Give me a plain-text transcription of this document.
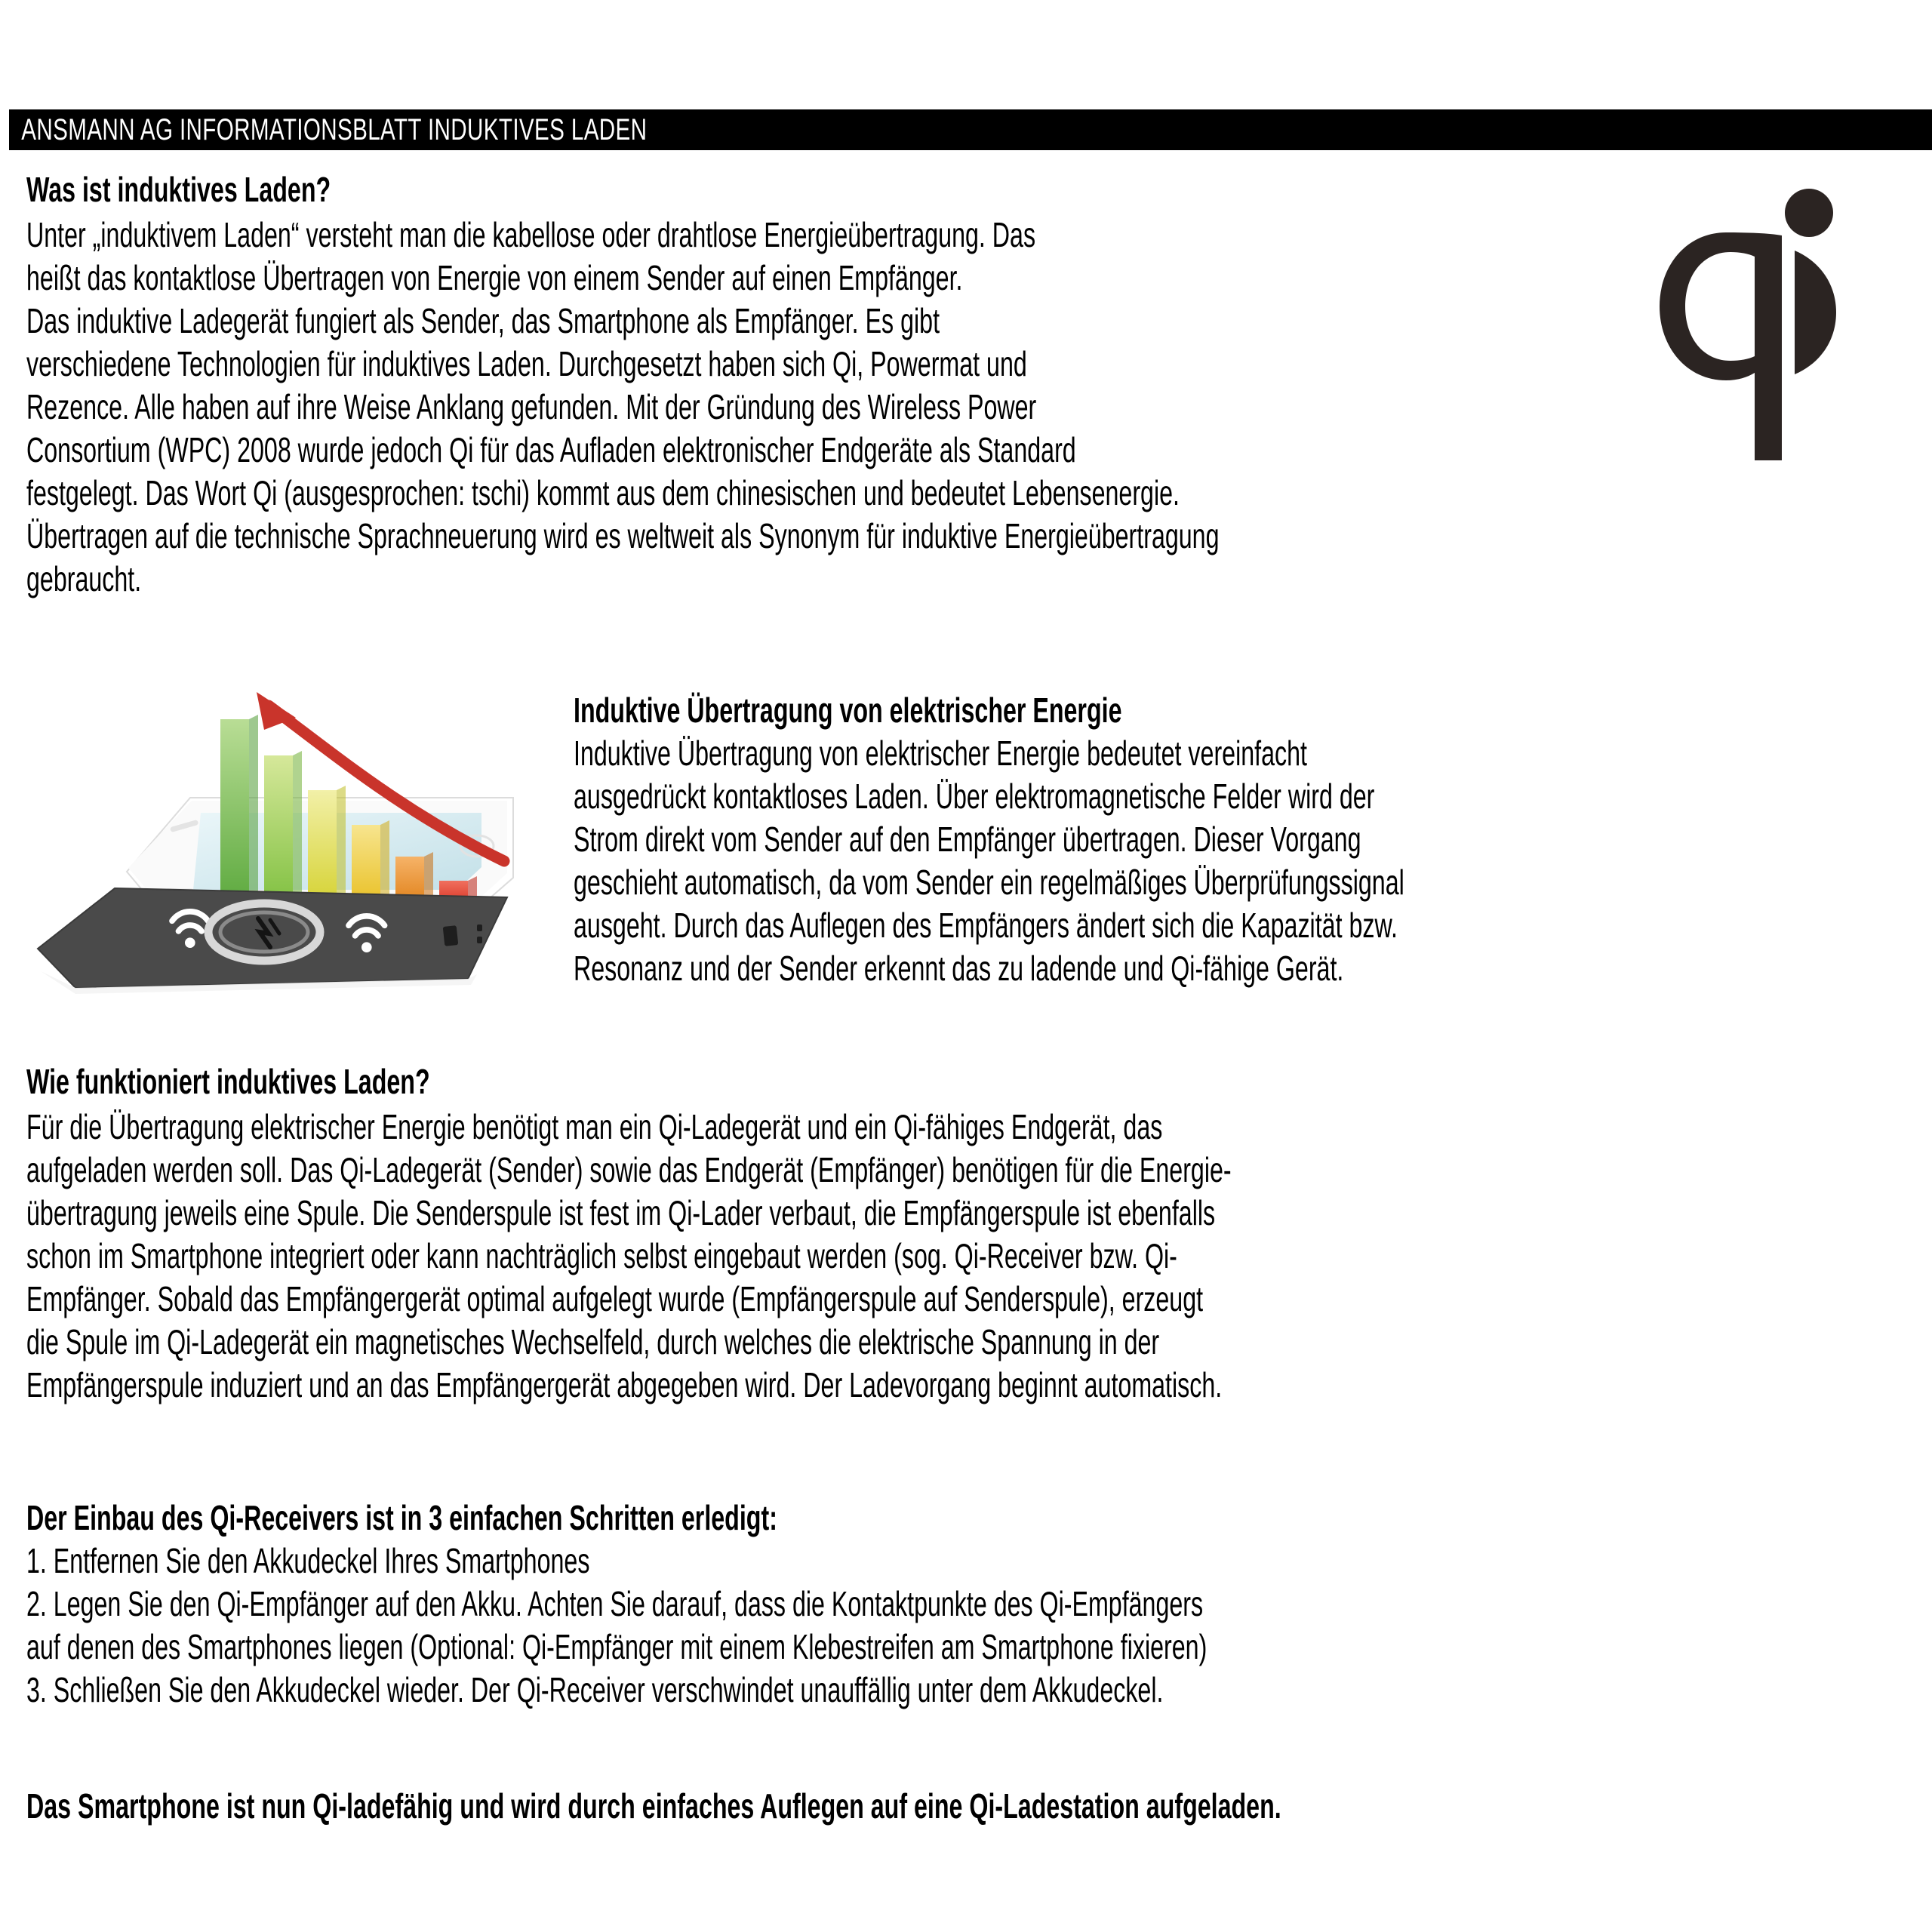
ANSMANN AG INFORMATIONSBLATT INDUKTIVES LADEN
Was ist induktives Laden?
Unter „induktivem Laden“ versteht man die kabellose oder drahtlose Energieübertragung. Das
heißt das kontaktlose Übertragen von Energie von einem Sender auf einen Empfänger.
Das induktive Ladegerät fungiert als Sender, das Smartphone als Empfänger. Es gibt
verschiedene Technologien für induktives Laden. Durchgesetzt haben sich Qi, Powermat und
Rezence. Alle haben auf ihre Weise Anklang gefunden. Mit der Gründung des Wireless Power
Consortium (WPC) 2008 wurde jedoch Qi für das Aufladen elektronischer Endgeräte als Standard
festgelegt. Das Wort Qi (ausgesprochen: tschi) kommt aus dem chinesischen und bedeutet Lebensenergie.
Übertragen auf die technische Sprachneuerung wird es weltweit als Synonym für induktive Energieübertragung
gebraucht.
Induktive Übertragung von elektrischer Energie
Induktive Übertragung von elektrischer Energie bedeutet vereinfacht
ausgedrückt kontaktloses Laden. Über elektromagnetische Felder wird der
Strom direkt vom Sender auf den Empfänger übertragen. Dieser Vorgang
geschieht automatisch, da vom Sender ein regelmäßiges Überprüfungssignal
ausgeht. Durch das Auflegen des Empfängers ändert sich die Kapazität bzw.
Resonanz und der Sender erkennt das zu ladende und Qi-fähige Gerät.
Wie funktioniert induktives Laden?
Für die Übertragung elektrischer Energie benötigt man ein Qi-Ladegerät und ein Qi-fähiges Endgerät, das
aufgeladen werden soll. Das Qi-Ladegerät (Sender) sowie das Endgerät (Empfänger) benötigen für die Energie-
übertragung jeweils eine Spule. Die Senderspule ist fest im Qi-Lader verbaut, die Empfängerspule ist ebenfalls
schon im Smartphone integriert oder kann nachträglich selbst eingebaut werden (sog. Qi-Receiver bzw. Qi-
Empfänger. Sobald das Empfängergerät optimal aufgelegt wurde (Empfängerspule auf Senderspule), erzeugt
die Spule im Qi-Ladegerät ein magnetisches Wechselfeld, durch welches die elektrische Spannung in der
Empfängerspule induziert und an das Empfängergerät abgegeben wird. Der Ladevorgang beginnt automatisch.
Der Einbau des Qi-Receivers ist in 3 einfachen Schritten erledigt:
1. Entfernen Sie den Akkudeckel Ihres Smartphones
2. Legen Sie den Qi-Empfänger auf den Akku. Achten Sie darauf, dass die Kontaktpunkte des Qi-Empfängers
auf denen des Smartphones liegen (Optional: Qi-Empfänger mit einem Klebestreifen am Smartphone fixieren)
3. Schließen Sie den Akkudeckel wieder. Der Qi-Receiver verschwindet unauffällig unter dem Akkudeckel.
Das Smartphone ist nun Qi-ladefähig und wird durch einfaches Auflegen auf eine Qi-Ladestation aufgeladen.
